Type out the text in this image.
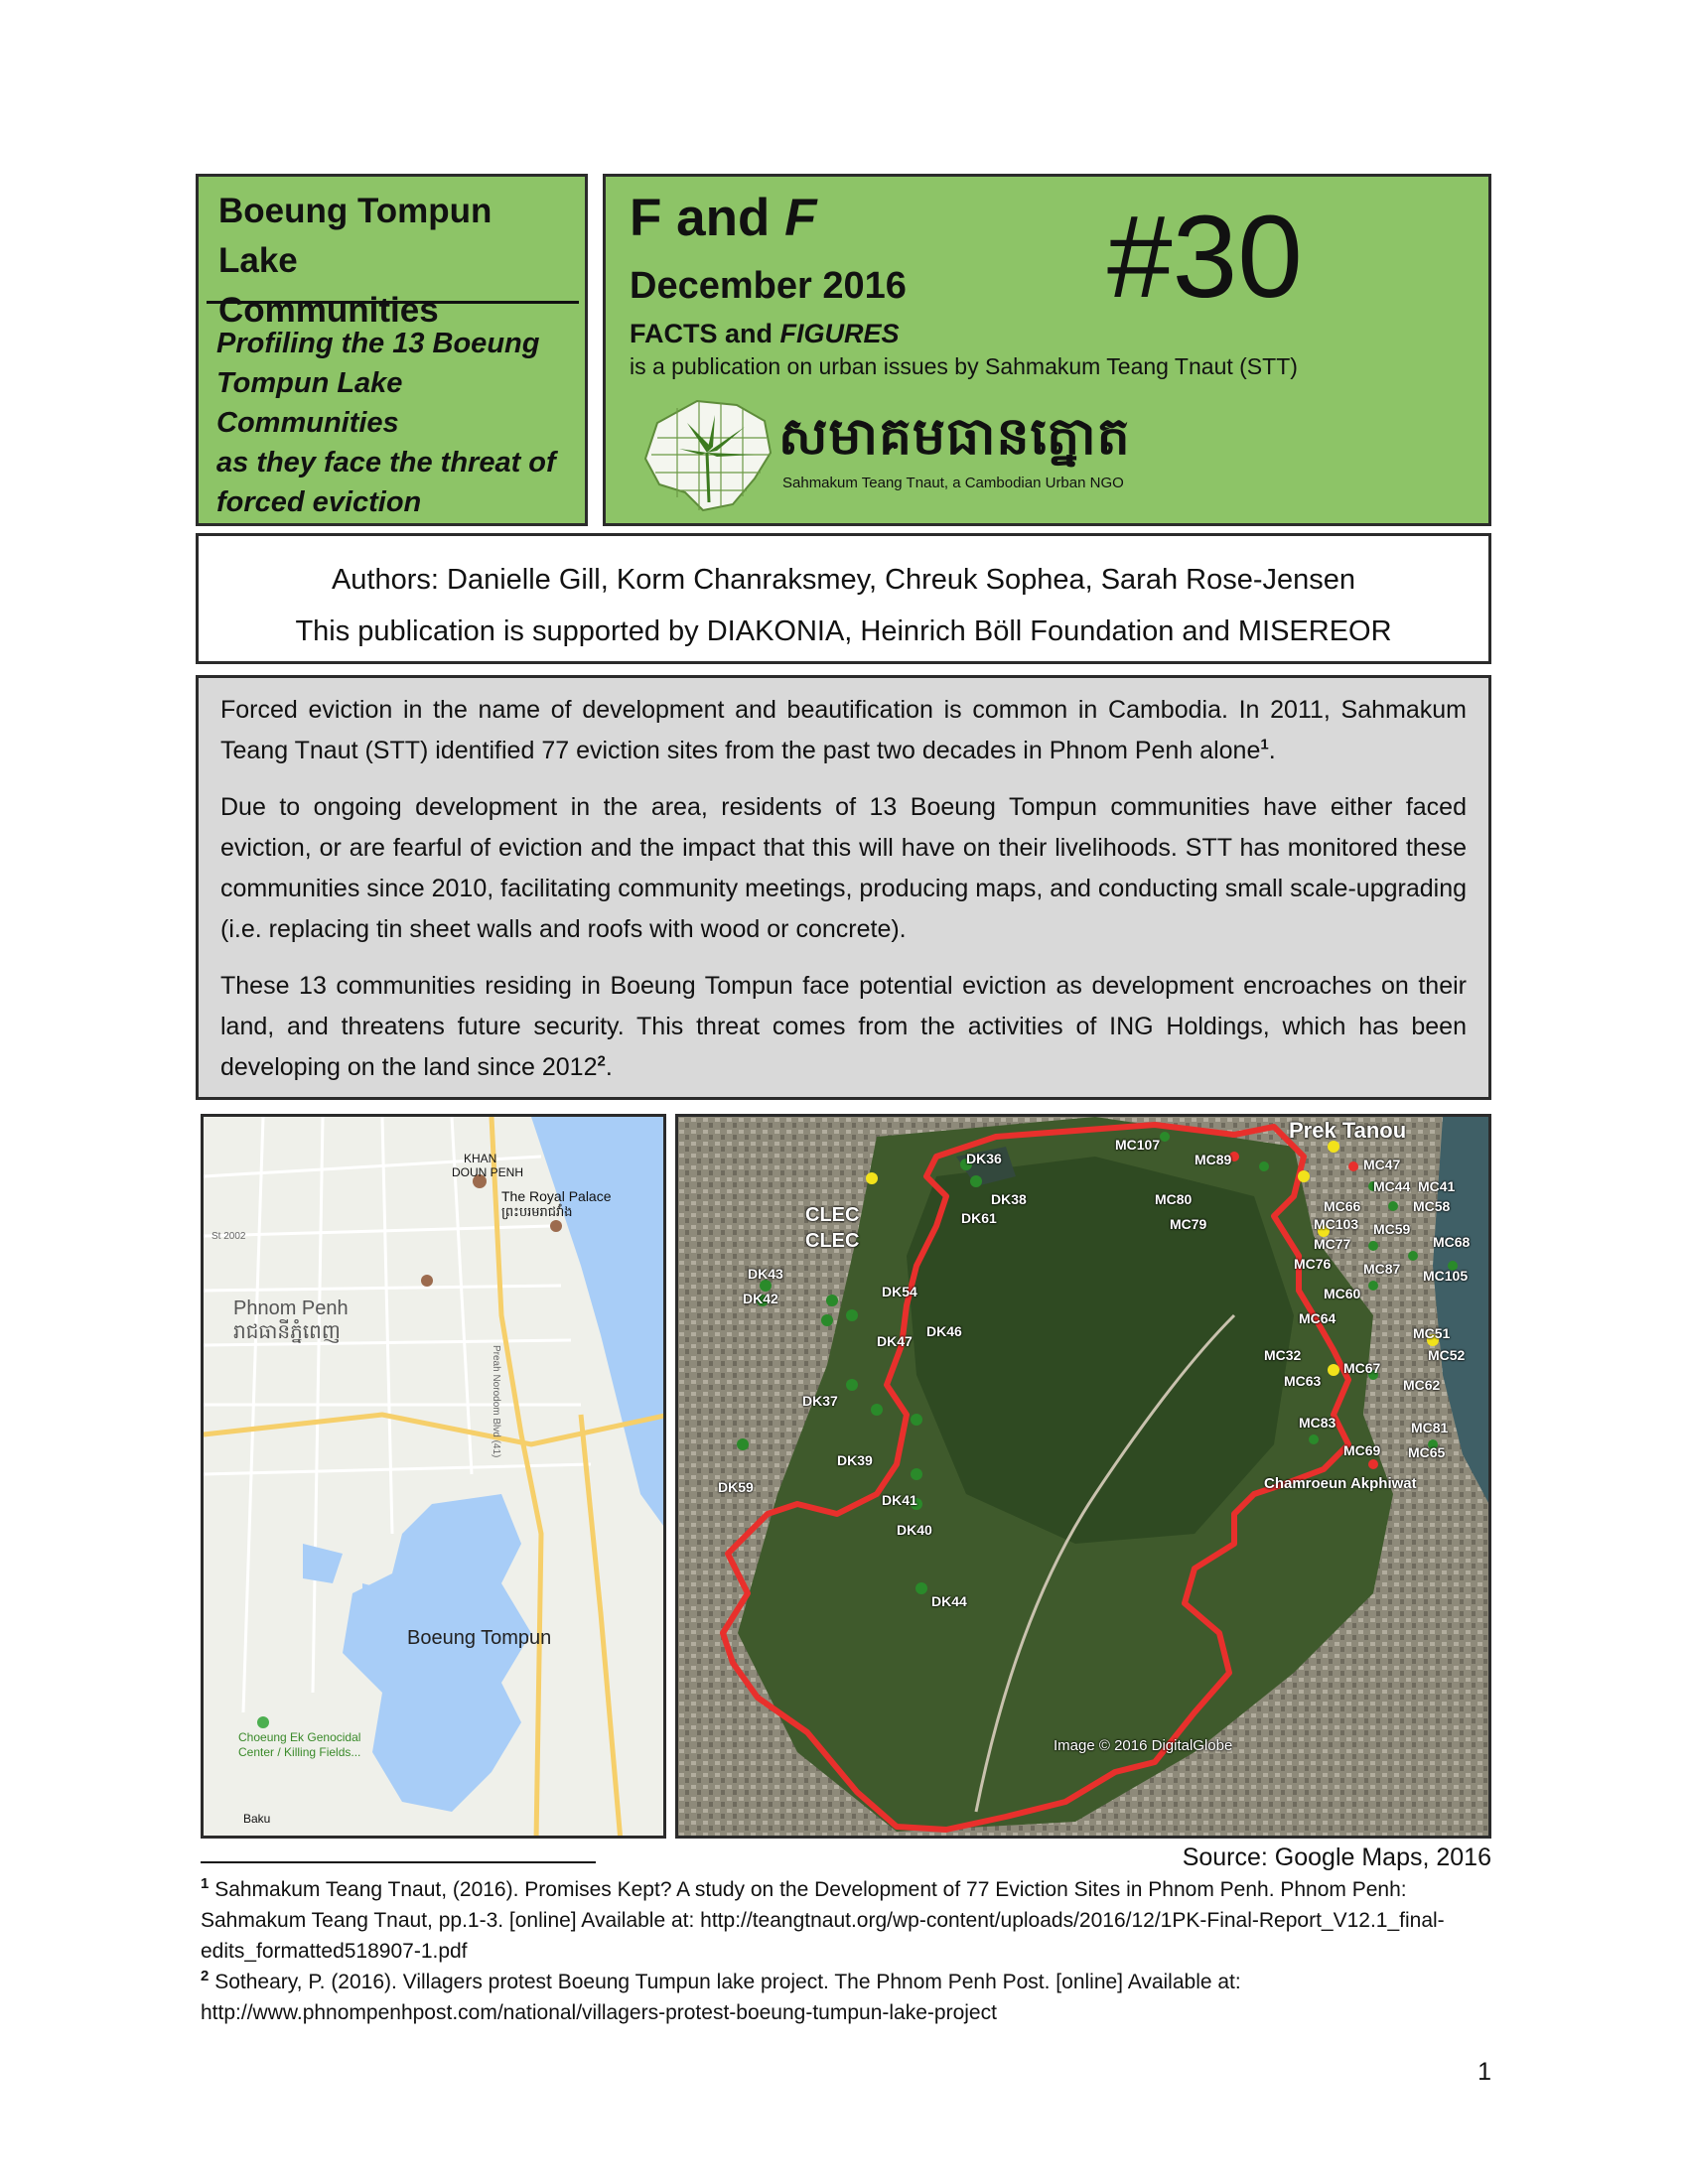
Boeung Tompun Lake
Communities
Profiling the 13 Boeung
Tompun Lake Communities
as they face the threat of
forced eviction
F and F #30
December 2016
FACTS and FIGURES
is a publication on urban issues by Sahmakum Teang Tnaut (STT)
សមាគមធានត្នោត
Sahmakum Teang Tnaut, a Cambodian Urban NGO
Authors: Danielle Gill, Korm Chanraksmey, Chreuk Sophea, Sarah Rose-Jensen
This publication is supported by DIAKONIA, Heinrich Böll Foundation and MISEREOR

Forced eviction in the name of development and beautification is common in Cambodia. In 2011, Sahmakum Teang Tnaut (STT) identified 77 eviction sites from the past two decades in Phnom Penh alone$^1$.

Due to ongoing development in the area, residents of 13 Boeung Tompun communities have either faced eviction, or are fearful of eviction and the impact that this will have on their livelihoods. STT has monitored these communities since 2010, facilitating community meetings, producing maps, and conducting small scale-upgrading (i.e. replacing tin sheet walls and roofs with wood or concrete).

These 13 communities residing in Boeung Tompun face potential eviction as development encroaches on their land, and threatens future security. This threat comes from the activities of ING Holdings, which has been developing on the land since 2012$^2$.

KHAN
DOUN PENH
The Royal Palace
ព្រះបរមរាជវាំង
Phnom Penh
រាជធានីភ្នំពេញ
Boeung Tompun
Choeung Ek Genocidal
Center / Killing Fields...
Baku
St 2002
Preah Norodom Blvd (41)
Prek Tanou
CLEC
CLEC
Chamroeun Akphiwat
Image © 2016 DigitalGlobe
DK36
DK38
DK61
DK43
DK42	DK54
DK47
DK46
DK37
DK39
DK59
DK41
DK40
DK44
MC107
MC80
MC79
MC89
MC76
MC47
MC41
MC44
MC66
MC103
MC58
MC59
MC68
MC77
MC87 MC105
MC60
MC64
MC51
MC52
MC32
MC67
MC63	MC62
MC83	MC81
MC65
MC69
Source: Google Maps, 2016

$^1$ Sahmakum Teang Tnaut, (2016). Promises Kept? A study on the Development of 77 Eviction Sites in Phnom Penh. Phnom Penh: Sahmakum Teang Tnaut, pp.1-3. [online] Available at: http://teangtnaut.org/wp-content/uploads/2016/12/1PK-Final-Report_V12.1_final-edits_formatted518907-1.pdf

$^2$ Sotheary, P. (2016). Villagers protest Boeung Tumpun lake project. The Phnom Penh Post. [online] Available at: http://www.phnompenhpost.com/national/villagers-protest-boeung-tumpun-lake-project

1
